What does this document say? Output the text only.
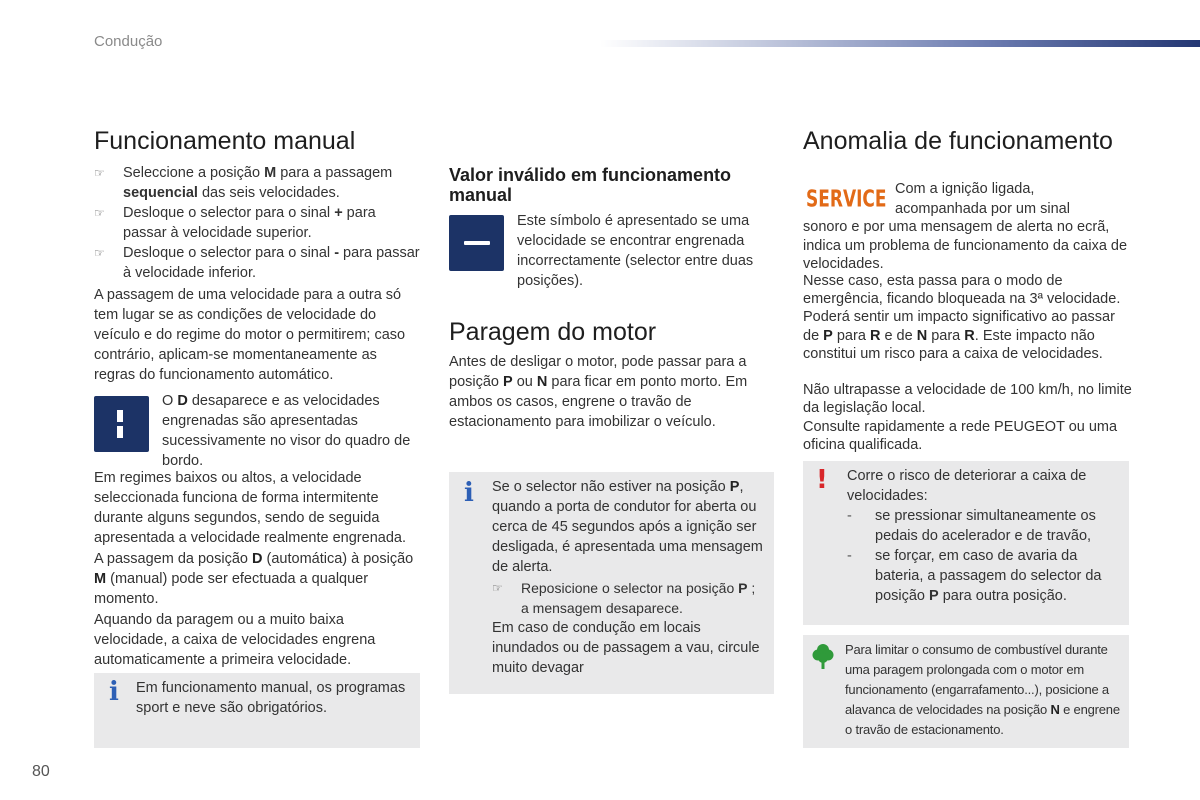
Condução
Funcionamento manual
☞ Seleccione a posição M para a passagem sequencial das seis velocidades.
☞ Desloque o selector para o sinal + para passar à velocidade superior.
☞ Desloque o selector para o sinal - para passar à velocidade inferior.
A passagem de uma velocidade para a outra só tem lugar se as condições de velocidade do veículo e do regime do motor o permitirem; caso contrário, aplicam-se momentaneamente as regras do funcionamento automático.
O D desaparece e as velocidades engrenadas são apresentadas sucessivamente no visor do quadro de bordo.
Em regimes baixos ou altos, a velocidade seleccionada funciona de forma intermitente durante alguns segundos, sendo de seguida apresentada a velocidade realmente engrenada.
A passagem da posição D (automática) à posição M (manual) pode ser efectuada a qualquer momento.
Aquando da paragem ou a muito baixa velocidade, a caixa de velocidades engrena automaticamente a primeira velocidade.
i Em funcionamento manual, os programas sport e neve são obrigatórios.
Valor inválido em funcionamento manual
Este símbolo é apresentado se uma velocidade se encontrar engrenada incorrectamente (selector entre duas posições).
Paragem do motor
Antes de desligar o motor, pode passar para a posição P ou N para ficar em ponto morto. Em ambos os casos, engrene o travão de estacionamento para imobilizar o veículo.
i Se o selector não estiver na posição P, quando a porta de condutor for aberta ou cerca de 45 segundos após a ignição ser desligada, é apresentada uma mensagem de alerta.
☞ Reposicione o selector na posição P ; a mensagem desaparece.
Em caso de condução em locais inundados ou de passagem a vau, circule muito devagar
Anomalia de funcionamento
SERVICE Com a ignição ligada, acompanhada por um sinal
sonoro e por uma mensagem de alerta no ecrã, indica um problema de funcionamento da caixa de velocidades.
Nesse caso, esta passa para o modo de emergência, ficando bloqueada na 3ª velocidade. Poderá sentir um impacto significativo ao passar de P para R e de N para R. Este impacto não constitui um risco para a caixa de velocidades.
Não ultrapasse a velocidade de 100 km/h, no limite da legislação local.
Consulte rapidamente a rede PEUGEOT ou uma oficina qualificada.
! Corre o risco de deteriorar a caixa de velocidades:
- se pressionar simultaneamente os pedais do acelerador e de travão,
- se forçar, em caso de avaria da bateria, a passagem do selector da posição P para outra posição.
Para limitar o consumo de combustível durante uma paragem prolongada com o motor em funcionamento (engarrafamento...), posicione a alavanca de velocidades na posição N e engrene o travão de estacionamento.
80
